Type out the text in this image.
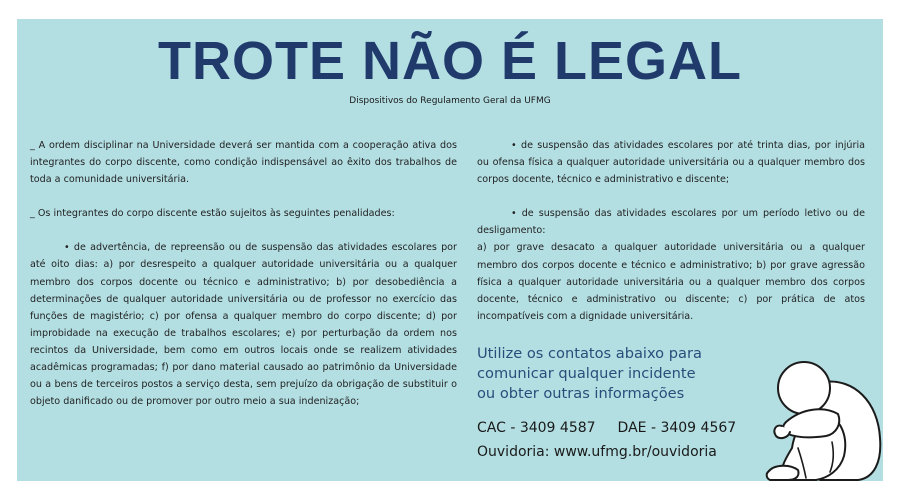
TROTE NÃO É LEGAL
Dispositivos do Regulamento Geral da UFMG

_ A ordem disciplinar na Universidade deverá ser mantida com a cooperação ativa dos integrantes do corpo discente, como condição indispensável ao êxito dos trabalhos de toda a comunidade universitária.

_ Os integrantes do corpo discente estão sujeitos às seguintes penalidades:

• de advertência, de repreensão ou de suspensão das atividades escolares por até oito dias: a) por desrespeito a qualquer autoridade universitária ou a qualquer membro dos corpos docente ou técnico e administrativo; b) por desobediência a determinações de qualquer autoridade universitária ou de professor no exercício das funções de magistério; c) por ofensa a qualquer membro do corpo discente; d) por improbidade na execução de trabalhos escolares; e) por perturbação da ordem nos recintos da Universidade, bem como em outros locais onde se realizem atividades acadêmicas programadas; f) por dano material causado ao patrimônio da Universidade ou a bens de terceiros postos a serviço desta, sem prejuízo da obrigação de substituir o objeto danificado ou de promover por outro meio a sua indenização;

• de suspensão das atividades escolares por até trinta dias, por injúria ou ofensa física a qualquer autoridade universitária ou a qualquer membro dos corpos docente, técnico e administrativo e discente;

• de suspensão das atividades escolares por um período letivo ou de desligamento:

a) por grave desacato a qualquer autoridade universitária ou a qualquer membro dos corpos docente e técnico e administrativo; b) por grave agressão física a qualquer autoridade universitária ou a qualquer membro dos corpos docente, técnico e administrativo ou discente; c) por prática de atos incompatíveis com a dignidade universitária.

Utilize os contatos abaixo para
comunicar qualquer incidente
ou obter outras informações
CAC - 3409 4587 DAE - 3409 4567
Ouvidoria: www.ufmg.br/ouvidoria
